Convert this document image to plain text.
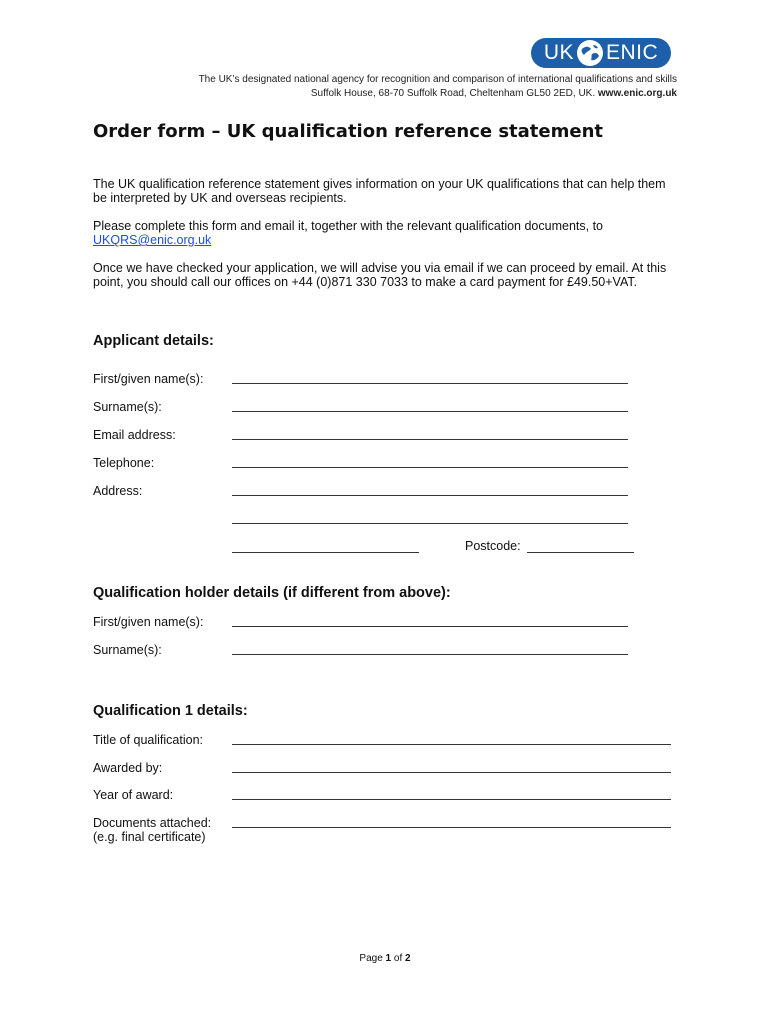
UK ENIC
The UK’s designated national agency for recognition and comparison of international qualifications and skills
Suffolk House, 68-70 Suffolk Road, Cheltenham GL50 2ED, UK. www.enic.org.uk
Order form – UK qualification reference statement
The UK qualification reference statement gives information on your UK qualifications that can help them be interpreted by UK and overseas recipients.
Please complete this form and email it, together with the relevant qualification documents, to
UKQRS@enic.org.uk
Once we have checked your application, we will advise you via email if we can proceed by email. At this point, you should call our offices on +44 (0)871 330 7033 to make a card payment for £49.50+VAT.
Applicant details:
First/given name(s):
Surname(s):
Email address:
Telephone:
Address:
Postcode:
Qualification holder details (if different from above):
First/given name(s):
Surname(s):
Qualification 1 details:
Title of qualification:
Awarded by:
Year of award:
Documents attached:
(e.g. final certificate)
Page 1 of 2
